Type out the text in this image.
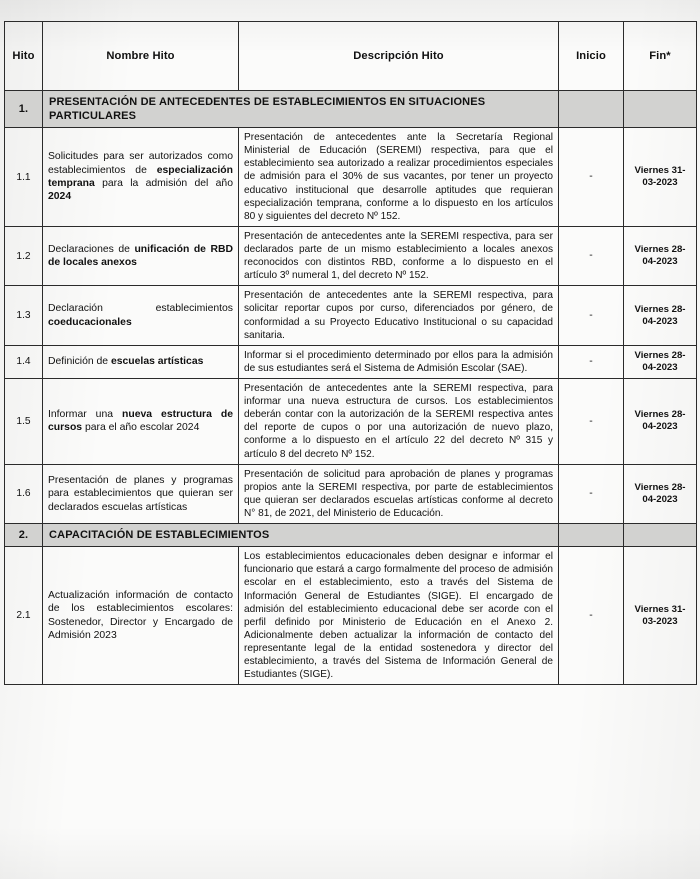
Hito	Nombre Hito	Descripción Hito	Inicio	Fin*
1.	PRESENTACIÓN DE ANTECEDENTES DE ESTABLECIMIENTOS EN SITUACIONES PARTICULARES			
1.1	Solicitudes para ser autorizados como establecimientos de especialización temprana para la admisión del año 2024	Presentación de antecedentes ante la Secretaría Regional Ministerial de Educación (SEREMI) respectiva, para que el establecimiento sea autorizado a realizar procedimientos especiales de admisión para el 30% de sus vacantes, por tener un proyecto educativo institucional que desarrolle aptitudes que requieran especialización temprana, conforme a lo dispuesto en los artículos 80 y siguientes del decreto Nº 152.	-	Viernes 31-03-2023
1.2	Declaraciones de unificación de RBD de locales anexos	Presentación de antecedentes ante la SEREMI respectiva, para ser declarados parte de un mismo establecimiento a locales anexos reconocidos con distintos RBD, conforme a lo dispuesto en el artículo 3º numeral 1, del decreto Nº 152.	-	Viernes 28-04-2023
1.3	Declaración establecimientos coeducacionales	Presentación de antecedentes ante la SEREMI respectiva, para solicitar reportar cupos por curso, diferenciados por género, de conformidad a su Proyecto Educativo Institucional o su capacidad sanitaria.	-	Viernes 28-04-2023
1.4	Definición de escuelas artísticas	Informar si el procedimiento determinado por ellos para la admisión de sus estudiantes será el Sistema de Admisión Escolar (SAE).	-	Viernes 28-04-2023
1.5	Informar una nueva estructura de cursos para el año escolar 2024	Presentación de antecedentes ante la SEREMI respectiva, para informar una nueva estructura de cursos. Los establecimientos deberán contar con la autorización de la SEREMI respectiva antes del reporte de cupos o por una autorización de nuevo plazo, conforme a lo dispuesto en el artículo 22 del decreto Nº 315 y artículo 8 del decreto Nº 152.	-	Viernes 28-04-2023
1.6	Presentación de planes y programas para establecimientos que quieran ser declarados escuelas artísticas	Presentación de solicitud para aprobación de planes y programas propios ante la SEREMI respectiva, por parte de establecimientos que quieran ser declarados escuelas artísticas conforme al decreto N° 81, de 2021, del Ministerio de Educación.	-	Viernes 28-04-2023
2.	CAPACITACIÓN DE ESTABLECIMIENTOS			
2.1	Actualización información de contacto de los establecimientos escolares: Sostenedor, Director y Encargado de Admisión 2023	Los establecimientos educacionales deben designar e informar el funcionario que estará a cargo formalmente del proceso de admisión escolar en el establecimiento, esto a través del Sistema de Información General de Estudiantes (SIGE). El encargado de admisión del establecimiento educacional debe ser acorde con el perfil definido por Ministerio de Educación en el Anexo 2. Adicionalmente deben actualizar la información de contacto del representante legal de la entidad sostenedora y director del establecimiento, a través del Sistema de Información General de Estudiantes (SIGE).	-	Viernes 31-03-2023
